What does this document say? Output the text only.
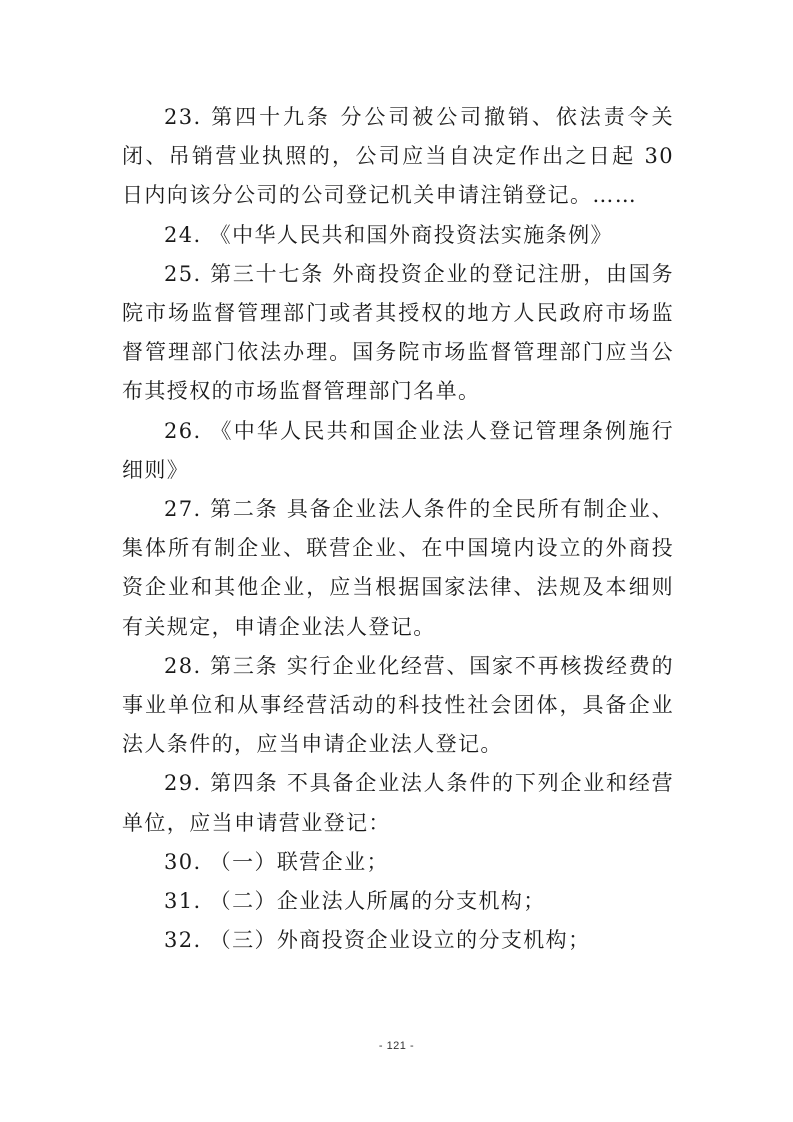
23. 第四十九条 分公司被公司撤销、依法责令关闭、吊销营业执照的，公司应当自决定作出之日起 30 日内向该分公司的公司登记机关申请注销登记。……

24. 《中华人民共和国外商投资法实施条例》

25. 第三十七条 外商投资企业的登记注册，由国务院市场监督管理部门或者其授权的地方人民政府市场监督管理部门依法办理。国务院市场监督管理部门应当公布其授权的市场监督管理部门名单。

26. 《中华人民共和国企业法人登记管理条例施行细则》

27. 第二条 具备企业法人条件的全民所有制企业、集体所有制企业、联营企业、在中国境内设立的外商投资企业和其他企业，应当根据国家法律、法规及本细则有关规定，申请企业法人登记。

28. 第三条 实行企业化经营、国家不再核拨经费的事业单位和从事经营活动的科技性社会团体，具备企业法人条件的，应当申请企业法人登记。

29. 第四条 不具备企业法人条件的下列企业和经营单位，应当申请营业登记：

30. （一）联营企业；

31. （二）企业法人所属的分支机构；

32. （三）外商投资企业设立的分支机构；

- 121 -
